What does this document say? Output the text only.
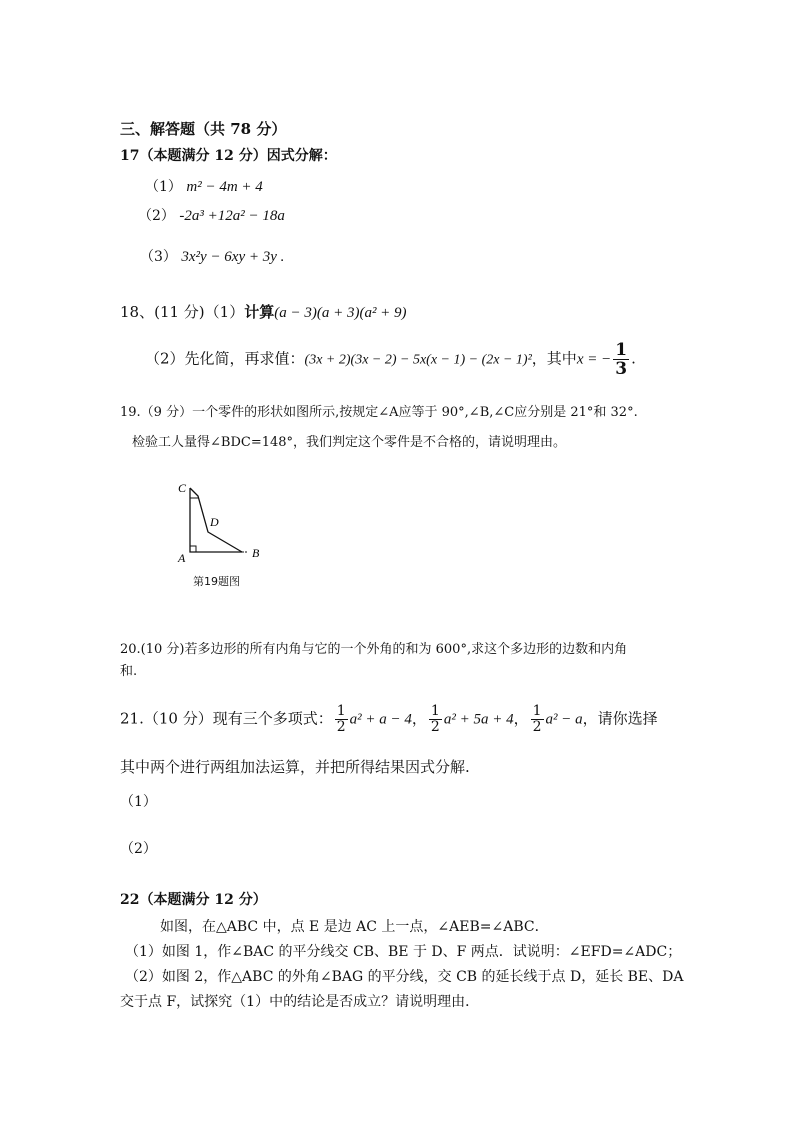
三、解答题（共 78 分）
17（本题满分 12 分）因式分解：
（1） m² − 4m + 4
（2） -2a³ +12a² − 18a
（3） 3x²y − 6xy + 3y .
18、(11 分)（1）计算(a − 3)(a + 3)(a² + 9)
（2）先化简，再求值：(3x + 2)(3x − 2) − 5x(x − 1) − (2x − 1)²，其中x = − $\frac{1}{3}$ .
19.（9 分）一个零件的形状如图所示,按规定∠A应等于 90°,∠B,∠C应分别是 21°和 32°.
检验工人量得∠BDC=148°，我们判定这个零件是不合格的，请说明理由。
C
D
A	B
第19题图
20.(10 分)若多边形的所有内角与它的一个外角的和为 600°,求这个多边形的边数和内角
和.
21.（10 分）现有三个多项式： $\frac{1}{2} a^2 + a - 4$， $\frac{1}{2} a^2 + 5a + 4$， $\frac{1}{2} a^2 - a$，请你选择
其中两个进行两组加法运算，并把所得结果因式分解.
（1）
（2）
22（本题满分 12 分）
如图，在△ABC 中，点 E 是边 AC 上一点，∠AEB=∠ABC．
（1）如图 1，作∠BAC 的平分线交 CB、BE 于 D、F 两点．试说明：∠EFD=∠ADC；
（2）如图 2，作△ABC 的外角∠BAG 的平分线，交 CB 的延长线于点 D，延长 BE、DA
交于点 F，试探究（1）中的结论是否成立？请说明理由．
